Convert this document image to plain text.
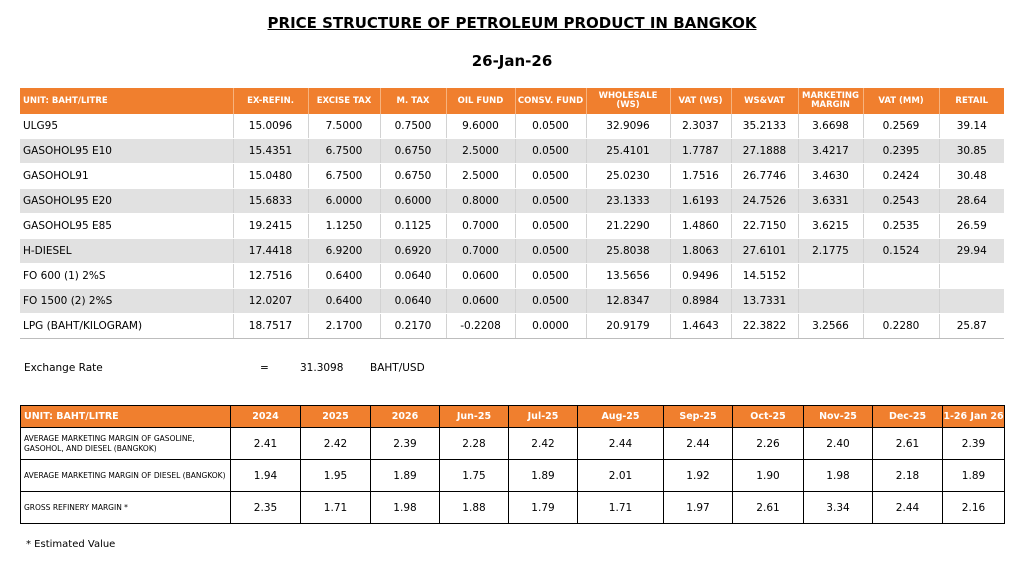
PRICE STRUCTURE OF PETROLEUM PRODUCT IN BANGKOK
26-Jan-26
UNIT: BAHT/LITRE	EX-REFIN.	EXCISE TAX	M. TAX	OIL FUND	CONSV. FUND	WHOLESALE (WS)	VAT (WS)	WS&VAT	MARKETING MARGIN	VAT (MM)	RETAIL
ULG95	15.0096	7.5000	0.7500	9.6000	0.0500	32.9096	2.3037	35.2133	3.6698	0.2569	39.14
GASOHOL95 E10	15.4351	6.7500	0.6750	2.5000	0.0500	25.4101	1.7787	27.1888	3.4217	0.2395	30.85
GASOHOL91	15.0480	6.7500	0.6750	2.5000	0.0500	25.0230	1.7516	26.7746	3.4630	0.2424	30.48
GASOHOL95 E20	15.6833	6.0000	0.6000	0.8000	0.0500	23.1333	1.6193	24.7526	3.6331	0.2543	28.64
GASOHOL95 E85	19.2415	1.1250	0.1125	0.7000	0.0500	21.2290	1.4860	22.7150	3.6215	0.2535	26.59
H-DIESEL	17.4418	6.9200	0.6920	0.7000	0.0500	25.8038	1.8063	27.6101	2.1775	0.1524	29.94
FO 600 (1) 2%S	12.7516	0.6400	0.0640	0.0600	0.0500	13.5656	0.9496	14.5152			
FO 1500 (2) 2%S	12.0207	0.6400	0.0640	0.0600	0.0500	12.8347	0.8984	13.7331			
LPG (BAHT/KILOGRAM)	18.7517	2.1700	0.2170	-0.2208	0.0000	20.9179	1.4643	22.3822	3.2566	0.2280	25.87
Exchange Rate	=	31.3098	BAHT/USD
UNIT: BAHT/LITRE	2024	2025	2026	Jun-25	Jul-25	Aug-25	Sep-25	Oct-25	Nov-25	Dec-25	1-26 Jan 26
AVERAGE MARKETING MARGIN OF GASOLINE, GASOHOL, AND DIESEL (BANGKOK)	2.41	2.42	2.39	2.28	2.42	2.44	2.44	2.26	2.40	2.61	2.39
AVERAGE MARKETING MARGIN OF DIESEL (BANGKOK)	1.94	1.95	1.89	1.75	1.89	2.01	1.92	1.90	1.98	2.18	1.89
GROSS REFINERY MARGIN *	2.35	1.71	1.98	1.88	1.79	1.71	1.97	2.61	3.34	2.44	2.16
* Estimated Value
